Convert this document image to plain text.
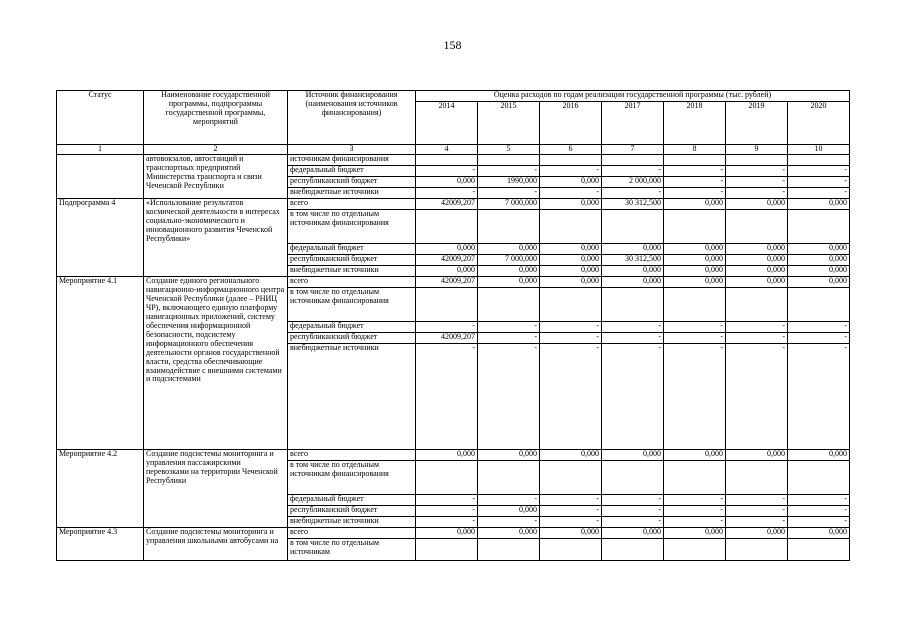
158
Статус	Наименование государственной программы, подпрограммы государственной программы, мероприятий	Источник финансирования (наименования источников финансирования)	Оценка расходов по годам реализации государственной программы (тыс. рублей)						
			2014	2015	2016	2017	2018	2019	2020
1	2	3	4	5	6	7	8	9	10
	автовокзалов, автостанций и транспортных предприятий Министерства транспорта и связи Чеченской Республики	источникам финансирования							
		федеральный бюджет	-	-	-	-	-	-	-
		республиканский бюджет	0,000	1990,000	0,000	2 000,000	-	-	-
		внебюджетные источники	-	-	-	-	-	-	-
Подпрограмма 4	«Использование результатов космической деятельности в интересах социально-экономического и инновационного развития Чеченской Республики»	всего	42009,207	7 000,000	0,000	30 312,500	0,000	0,000	0,000
		в том числе по отдельным источникам финансирования							
		федеральный бюджет	0,000	0,000	0,000	0,000	0,000	0,000	0,000
		республиканский бюджет	42009,207	7 000,000	0,000	30 312,500	0,000	0,000	0,000
		внебюджетные источники	0,000	0,000	0,000	0,000	0,000	0,000	0,000
Мероприятие 4.1	Создание единого регионального навигационно-информационного центра Чеченской Республики (далее – РНИЦ ЧР), включающего единую платформу навигационных приложений, систему обеспечения информационной безопасности, подсистему информационного обеспечения деятельности органов государственной власти, средства обеспечивающие взаимодействие с внешними системами и подсистемами	всего	42009,207	0,000	0,000	0,000	0,000	0,000	0,000
		в том числе по отдельным источникам финансирования							
		федеральный бюджет	-	-	-	-	-	-	-
		республиканский бюджет	42009,207	-	-	-	-	-	-
		внебюджетные источники	-	-	-	-	-	-	-
Мероприятие 4.2	Создание подсистемы мониторинга и управления пассажирскими перевозками на территории Чеченской Республики	всего	0,000	0,000	0,000	0,000	0,000	0,000	0,000
		в том числе по отдельным источникам финансирования							
		федеральный бюджет	-	-	-	-	-	-	-
		республиканский бюджет	-	0,000	-	-	-	-	-
		внебюджетные источники	-	-	-	-	-	-	-
Мероприятие 4.3	Создание подсистемы мониторинга и управления школьными автобусами на	всего	0,000	0,000	0,000	0,000	0,000	0,000	0,000
		в том числе по отдельным источникам							
